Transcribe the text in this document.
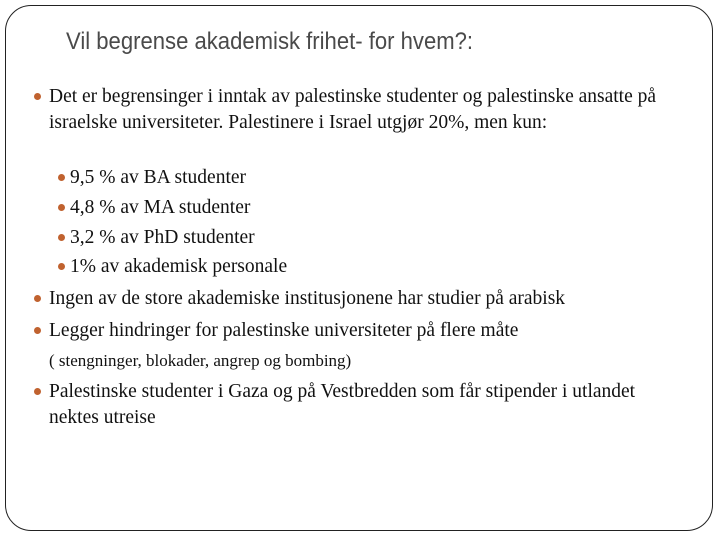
Vil begrense akademisk frihet- for hvem?:
Det er begrensinger i inntak av palestinske studenter og palestinske ansatte på israelske universiteter. Palestinere i Israel utgjør 20%, men kun:
9,5 % av BA studenter
4,8 % av MA studenter
3,2 % av PhD studenter
1% av akademisk personale
Ingen av de store akademiske institusjonene har studier på arabisk
Legger hindringer for palestinske universiteter på flere måte
( stengninger, blokader, angrep og bombing)
Palestinske studenter i Gaza og på Vestbredden som får stipender i utlandet nektes utreise
